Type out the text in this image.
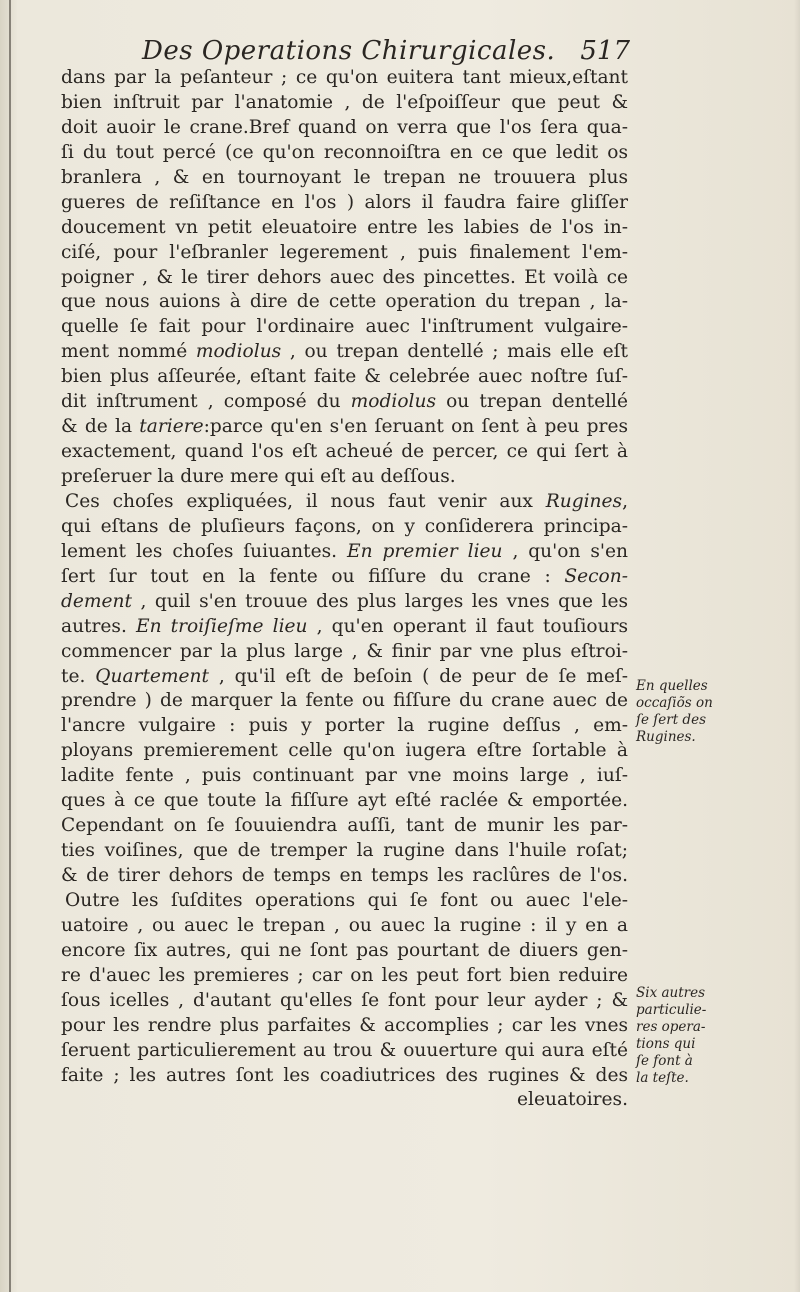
Des Operations Chirurgicales. 517
dans par la peſanteur ; ce qu'on euitera tant mieux,eſtant
bien inſtruit par l'anatomie , de l'eſpoiſſeur que peut &
doit auoir le crane.Bref quand on verra que l'os ſera qua-
ſi du tout percé (ce qu'on reconnoiſtra en ce que ledit os
branlera , & en tournoyant le trepan ne trouuera plus
gueres de reſiſtance en l'os ) alors il faudra faire gliſſer
doucement vn petit eleuatoire entre les labies de l'os in-
ciſé, pour l'eſbranler legerement , puis finalement l'em-
poigner , & le tirer dehors auec des pincettes. Et voilà ce
que nous auions à dire de cette operation du trepan , la-
quelle ſe fait pour l'ordinaire auec l'inſtrument vulgaire-
ment nommé modiolus , ou trepan dentellé ; mais elle eſt
bien plus aſſeurée, eſtant faite & celebrée auec noſtre ſuſ-
dit inſtrument , composé du modiolus ou trepan dentellé
& de la tariere:parce qu'en s'en ſeruant on ſent à peu pres
exactement, quand l'os eſt acheué de percer, ce qui ſert à
preſeruer la dure mere qui eſt au deſſous.
Ces choſes expliquées, il nous faut venir aux Rugines,
qui eſtans de pluſieurs façons, on y conſiderera principa-
lement les choſes ſuiuantes. En premier lieu , qu'on s'en
ſert ſur tout en la fente ou fiſſure du crane : Secon-
dement , quil s'en trouue des plus larges les vnes que les
autres. En troiſieſme lieu , qu'en operant il faut touſiours
commencer par la plus large , & finir par vne plus eſtroi-
te. Quartement , qu'il eſt de beſoin ( de peur de ſe meſ-
prendre ) de marquer la fente ou fiſſure du crane auec de
l'ancre vulgaire : puis y porter la rugine deſſus , em-
ployans premierement celle qu'on iugera eſtre ſortable à
ladite fente , puis continuant par vne moins large , iuſ-
ques à ce que toute la fiſſure ayt eſté raclée & emportée.
Cependant on ſe ſouuiendra auſſi, tant de munir les par-
ties voiſines, que de tremper la rugine dans l'huile roſat;
& de tirer dehors de temps en temps les raclûres de l'os.
Outre les ſuſdites operations qui ſe font ou auec l'ele-
uatoire , ou auec le trepan , ou auec la rugine : il y en a
encore ſix autres, qui ne ſont pas pourtant de diuers gen-
re d'auec les premieres ; car on les peut fort bien reduire
ſous icelles , d'autant qu'elles ſe font pour leur ayder ; &
pour les rendre plus parfaites & accomplies ; car les vnes
ſeruent particulierement au trou & ouuerture qui aura eſté
faite ; les autres ſont les coadiutrices des rugines & des
eleuatoires.
En quelles
occaſiõs on
ſe ſert des
Rugines.
Six autres
particulie-
res opera-
tions qui
ſe font à
la teſte.
